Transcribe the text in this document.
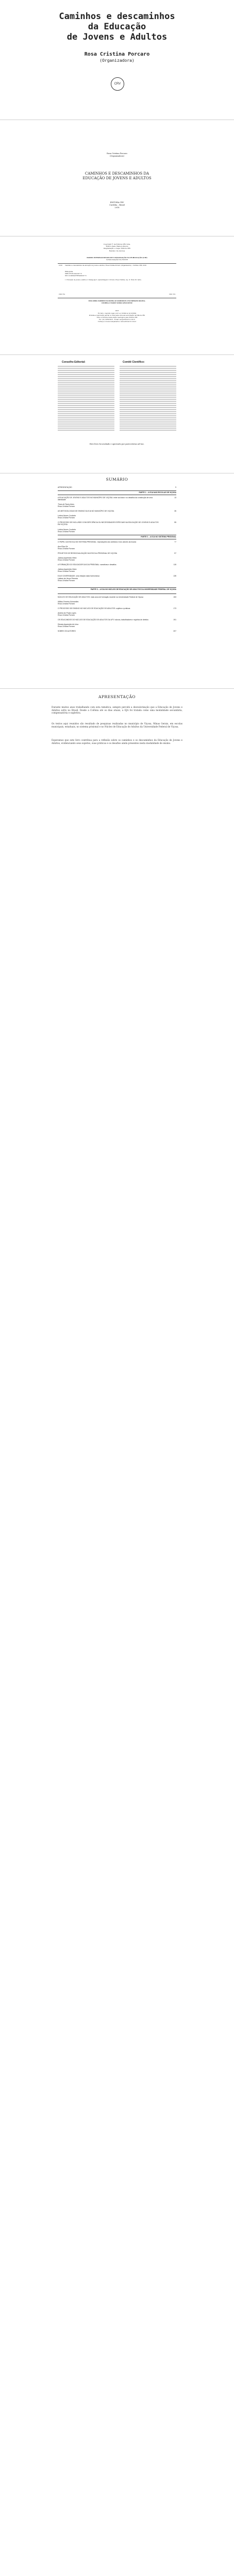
Caminhos e descaminhos
da Educação
de Jovens e Adultos
Rosa Cristina Porcaro
(Organizadora)
CRV
Rosa Cristina Porcaro
(Organizadora)
CAMINHOS E DESCAMINHOS DA
EDUCAÇÃO DE JOVENS E ADULTOS
EDITORA CRV
Curitiba – Brasil
2018
Copyright © da Editora CRV Ltda.
Editor-chefe: Railson Moura
Diagramação e Capa: Editora CRV
Revisão: Os Autores
DADOS INTERNACIONAIS DE CATALOGAÇÃO NA PUBLICAÇÃO (CIP)
CATALOGAÇÃO NA FONTE
C183 Caminhos e descaminhos da educação de jovens e adultos / Rosa Cristina Porcaro (Organizadora) – Curitiba: CRV, 2018.
Bibliografia
ISBN 978-85-444-2417-6
DOI 10.24824/978854442417.6
1. Educação de jovens e adultos 2. Pedagogia 3. Aprendizagem I. Porcaro, Rosa Cristina. org. II. Título III. Série.
CDD 374	CDU 374
ESTA OBRA TAMBÉM ENCONTRA-SE DISPONÍVEL EM FORMATO DIGITAL.
CONHEÇA E BAIXE NOSSO APLICATIVO!
2018
Foi feito o depósito legal conf. Lei 10.994 de 14/12/2004
Proibida a reprodução parcial ou total desta obra sem autorização da Editora CRV
Todos os direitos desta edição reservados pela: Editora CRV
Tel.: (41) 3039-6418 – E-mail: sac@editoracrv.com.br
Conheça os nossos lançamentos: www.editoracrv.com.br
Conselho Editorial:	Comitê Científico:
Este livro foi avaliado e aprovado por pareceristas ad hoc.
SUMÁRIO
APRESENTAÇÃO	9
PARTE 1 – A EJA NAS ESCOLAS DE VIÇOSA
A EDUCAÇÃO DE JOVENS E ADULTOS NO MUNICÍPIO DE VIÇOSA: entre as lutas e os desafios da construção de uma identidade
13
Thaís de Paula Alves
Rosa Cristina Porcaro
AS METODOLOGIAS DE ENSINO DA EJA NO MUNICÍPIO DE VIÇOSA	35
Letícia Nunes Coutinho
Rosa Cristina Porcaro
O PROCESSO DE INCLUSÃO COM DEFICIÊNCIA OU NECESSIDADES ESPECIAIS NA EDUCAÇÃO DE JOVENS E ADULTOS EM VIÇOSA
55
Letícia Nunes Coutinho
Rosa Cristina Porcaro
PARTE 2 – A EJA NO SISTEMA PRISIONAL
O PAPEL DA ESCOLA NO SISTEMA PRISIONAL: reproduções dos sentidos e dos valores da escola	77
Ana Elisa Sá
Rosa Cristina Porcaro
PROJETOS DE RESSOCIALIZAÇÃO DA ESCOLA PRISIONAL DE VIÇOSA	97
Juliana Aparecida Vieira
Rosa Cristina Porcaro
A FORMAÇÃO DO EDUCADOR DA EJA PRISIONAL: narrativas e desafios	115
Juliana Aparecida Vieira
Rosa Cristina Porcaro
EJA E DIVERSIDADE: uma relação nada harmoniosa	135
Lidiane de Jesus Pimenta
Rosa Cristina Porcaro
PARTE 3 – A EJA NO NÚCLEO DE EDUCAÇÃO DE ADULTOS DA UNIVERSIDADE FEDERAL DE VIÇOSA
NÚCLEO DE EDUCAÇÃO DE ADULTOS: mais anos de formação docente na Universidade Federal de Viçosa	153
Willian Ferreira Guimarães
Rosa Cristina Porcaro
O PROCESSO DE ENSINO NO NÚCLEO DE EDUCAÇÃO DE ADULTOS: sujeitos e práticas	173
Andrea do Prado Lopes
Rosa Cristina Porcaro
OS EDUCANDOS DO NÚCLEO DE EDUCAÇÃO DE ADULTOS DA UFV: alunos, trabalhadores e sujeitos de direitos	191
Renata Aparecida de Lima
Rosa Cristina Porcaro
SOBRE OS AUTORES	207
APRESENTAÇÃO
Durante muitos anos trabalhando com esta temática, sempre percebi a desvalorização que a Educação de Jovens e Adultos sofre no Brasil. Desde a Colônia até os dias atuais, a EJA foi tratada como uma modalidade secundária, compensatória e supletiva.
Os textos aqui reunidos são resultado de pesquisas realizadas no município de Viçosa, Minas Gerais, em escolas municipais, estaduais, no sistema prisional e no Núcleo de Educação de Adultos da Universidade Federal de Viçosa.
Esperamos que este livro contribua para a reflexão sobre os caminhos e os descaminhos da Educação de Jovens e Adultos, evidenciando seus sujeitos, suas práticas e os desafios ainda presentes nesta modalidade de ensino.
